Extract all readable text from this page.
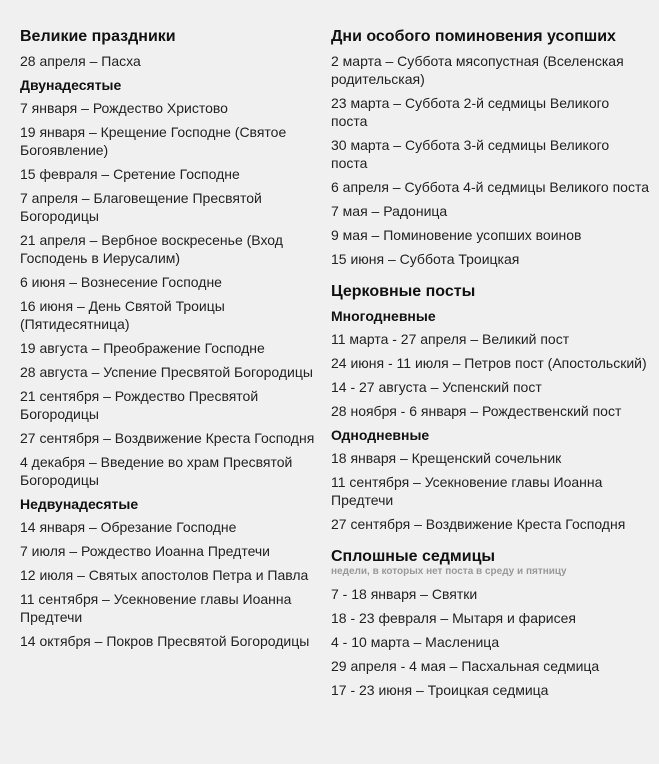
Великие праздники
28 апреля – Пасха
Двунадесятые
7 января – Рождество Христово
19 января – Крещение Господне (Святое Богоявление)
15 февраля – Сретение Господне
7 апреля – Благовещение Пресвятой Богородицы
21 апреля – Вербное воскресенье (Вход Господень в Иерусалим)
6 июня – Вознесение Господне
16 июня – День Святой Троицы (Пятидесятница)
19 августа – Преображение Господне
28 августа – Успение Пресвятой Богородицы
21 сентября – Рождество Пресвятой Богородицы
27 сентября – Воздвижение Креста Господня
4 декабря – Введение во храм Пресвятой Богородицы
Недвунадесятые
14 января – Обрезание Господне
7 июля – Рождество Иоанна Предтечи
12 июля – Святых апостолов Петра и Павла
11 сентября – Усекновение главы Иоанна Предтечи
14 октября – Покров Пресвятой Богородицы
Дни особого поминовения усопших
2 марта – Суббота мясопустная (Вселенская родительская)
23 марта – Суббота 2-й седмицы Великого поста
30 марта – Суббота 3-й седмицы Великого поста
6 апреля – Суббота 4-й седмицы Великого поста
7 мая – Радоница
9 мая – Поминовение усопших воинов
15 июня – Суббота Троицкая
Церковные посты
Многодневные
11 марта - 27 апреля – Великий пост
24 июня - 11 июля – Петров пост (Апостольский)
14 - 27 августа – Успенский пост
28 ноября - 6 января – Рождественский пост
Однодневные
18 января – Крещенский сочельник
11 сентября – Усекновение главы Иоанна Предтечи
27 сентября – Воздвижение Креста Господня
Сплошные седмицы
недели, в которых нет поста в среду и пятницу
7 - 18 января – Святки
18 - 23 февраля – Мытаря и фарисея
4 - 10 марта – Масленица
29 апреля - 4 мая – Пасхальная седмица
17 - 23 июня – Троицкая седмица
